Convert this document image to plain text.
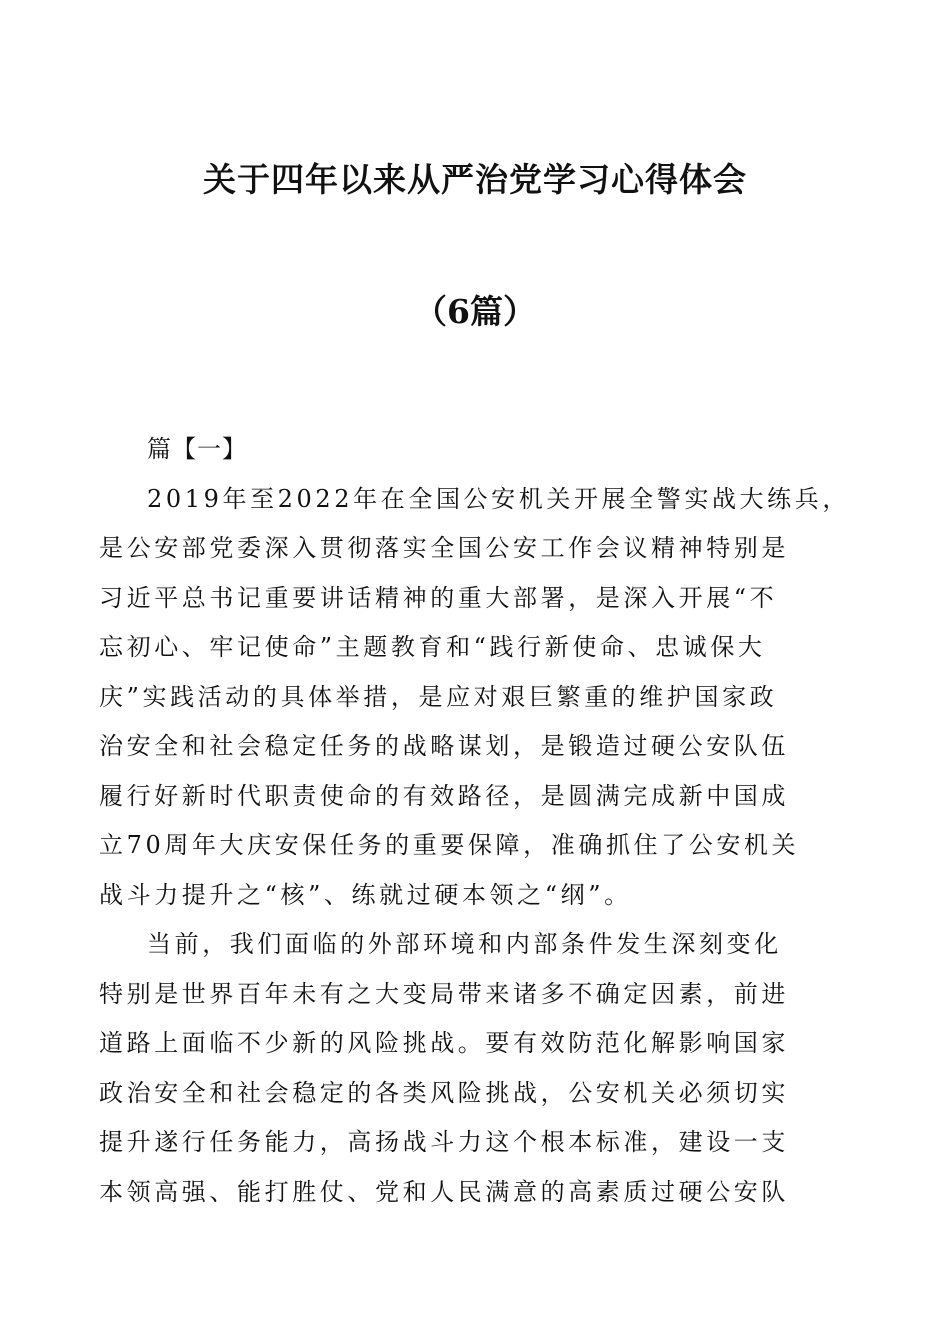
关于四年以来从严治党学习心得体会
（6篇）

篇【一】

2019年至2022年在全国公安机关开展全警实战大练兵，
是公安部党委深入贯彻落实全国公安工作会议精神特别是
习近平总书记重要讲话精神的重大部署，是深入开展“不
忘初心、牢记使命”主题教育和“践行新使命、忠诚保大
庆”实践活动的具体举措，是应对艰巨繁重的维护国家政
治安全和社会稳定任务的战略谋划，是锻造过硬公安队伍
履行好新时代职责使命的有效路径，是圆满完成新中国成
立70周年大庆安保任务的重要保障，准确抓住了公安机关
战斗力提升之“核”、练就过硬本领之“纲”。

当前，我们面临的外部环境和内部条件发生深刻变化
特别是世界百年未有之大变局带来诸多不确定因素，前进
道路上面临不少新的风险挑战。要有效防范化解影响国家
政治安全和社会稳定的各类风险挑战，公安机关必须切实
提升遂行任务能力，高扬战斗力这个根本标准，建设一支
本领高强、能打胜仗、党和人民满意的高素质过硬公安队
